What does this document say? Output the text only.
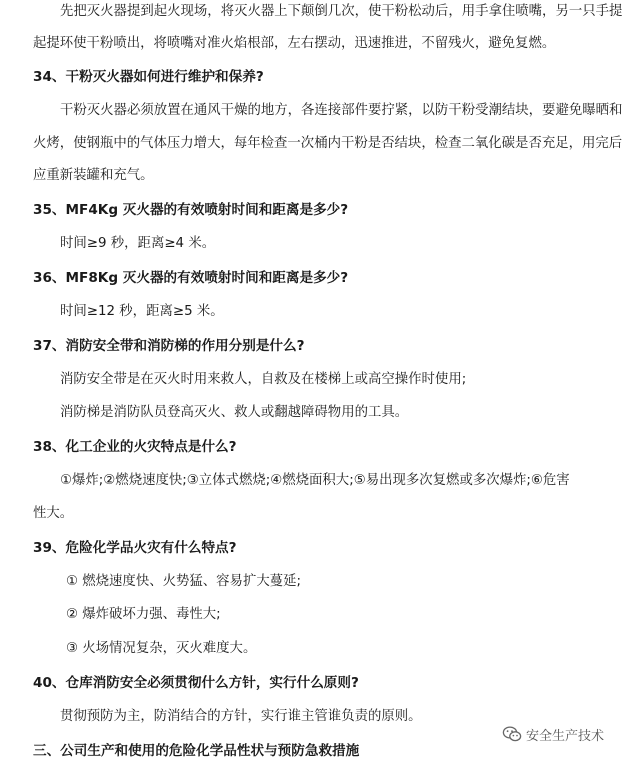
先把灭火器提到起火现场，将灭火器上下颠倒几次，使干粉松动后，用手拿住喷嘴，另一只手提
起提环使干粉喷出，将喷嘴对准火焰根部，左右摆动，迅速推进，不留残火，避免复燃。
34、干粉灭火器如何进行维护和保养?
干粉灭火器必须放置在通风干燥的地方，各连接部件要拧紧，以防干粉受潮结块，要避免曝晒和
火烤，使钢瓶中的气体压力增大，每年检查一次桶内干粉是否结块，检查二氧化碳是否充足，用完后
应重新装罐和充气。
35、MF4Kg 灭火器的有效喷射时间和距离是多少?
时间≥9 秒，距离≥4 米。
36、MF8Kg 灭火器的有效喷射时间和距离是多少?
时间≥12 秒，距离≥5 米。
37、消防安全带和消防梯的作用分别是什么?
消防安全带是在灭火时用来救人，自救及在楼梯上或高空操作时使用;
消防梯是消防队员登高灭火、救人或翻越障碍物用的工具。
38、化工企业的火灾特点是什么?
①爆炸;②燃烧速度快;③立体式燃烧;④燃烧面积大;⑤易出现多次复燃或多次爆炸;⑥危害
性大。
39、危险化学品火灾有什么特点?
① 燃烧速度快、火势猛、容易扩大蔓延;
② 爆炸破坏力强、毒性大;
③ 火场情况复杂，灭火难度大。
40、仓库消防安全必须贯彻什么方针，实行什么原则?
贯彻预防为主，防消结合的方针，实行谁主管谁负责的原则。
三、公司生产和使用的危险化学品性状与预防急救措施
安全生产技术
